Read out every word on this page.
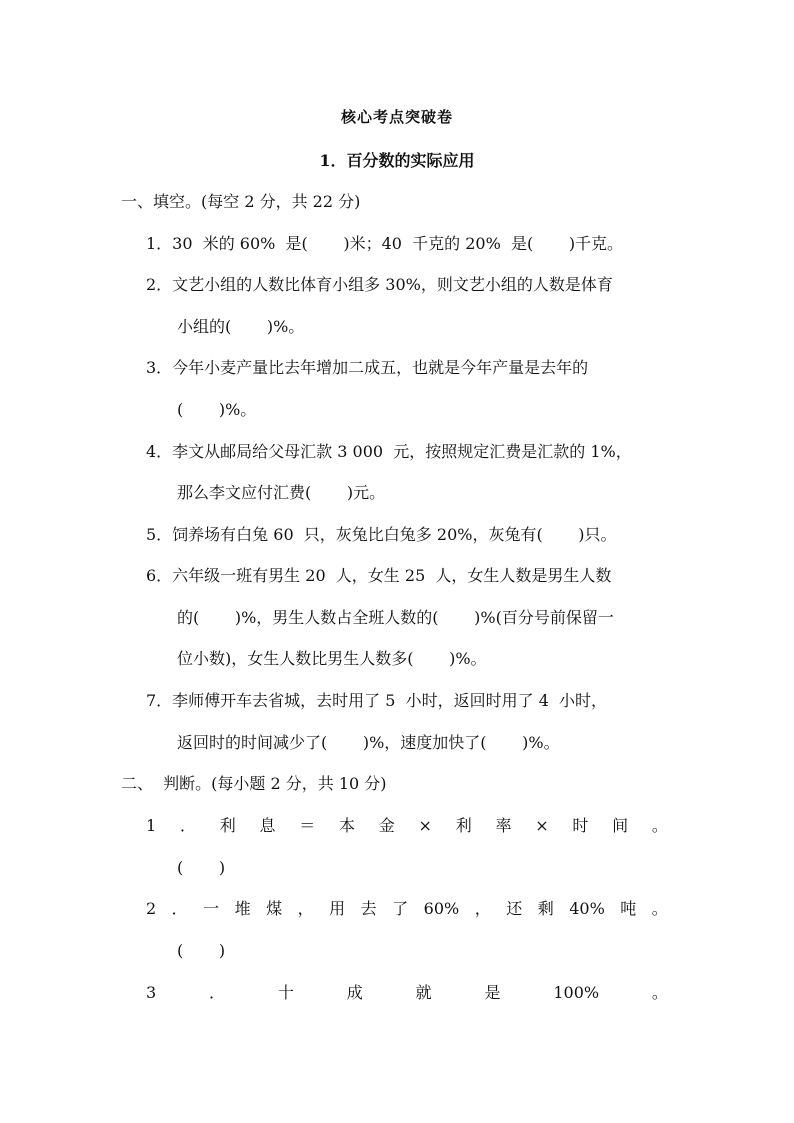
核心考点突破卷
1．百分数的实际应用
一、填空。(每空 2 分，共 22 分)
1．30  米的 60%  是(       )米；40  千克的 20%  是(       )千克。
2．文艺小组的人数比体育小组多 30%，则文艺小组的人数是体育
小组的(       )%。
3．今年小麦产量比去年增加二成五，也就是今年产量是去年的
(       )%。
4．李文从邮局给父母汇款 3 000  元，按照规定汇费是汇款的 1%，
那么李文应付汇费(       )元。
5．饲养场有白兔 60  只，灰兔比白兔多 20%，灰兔有(       )只。
6．六年级一班有男生 20  人，女生 25  人，女生人数是男生人数
的(       )%，男生人数占全班人数的(       )%(百分号前保留一
位小数)，女生人数比男生人数多(       )%。
7．李师傅开车去省城，去时用了 5  小时，返回时用了 4  小时，
返回时的时间减少了(       )%，速度加快了(       )%。
二、  判断。(每小题 2 分，共 10 分)
1 ． 利 息 ＝ 本 金 × 利 率 × 时 间 。
(       )
2 ． 一 堆 煤 ， 用 去 了 60% ， 还 剩 40% 吨 。
(       )
3	．	十	成	就	是	100%	。
